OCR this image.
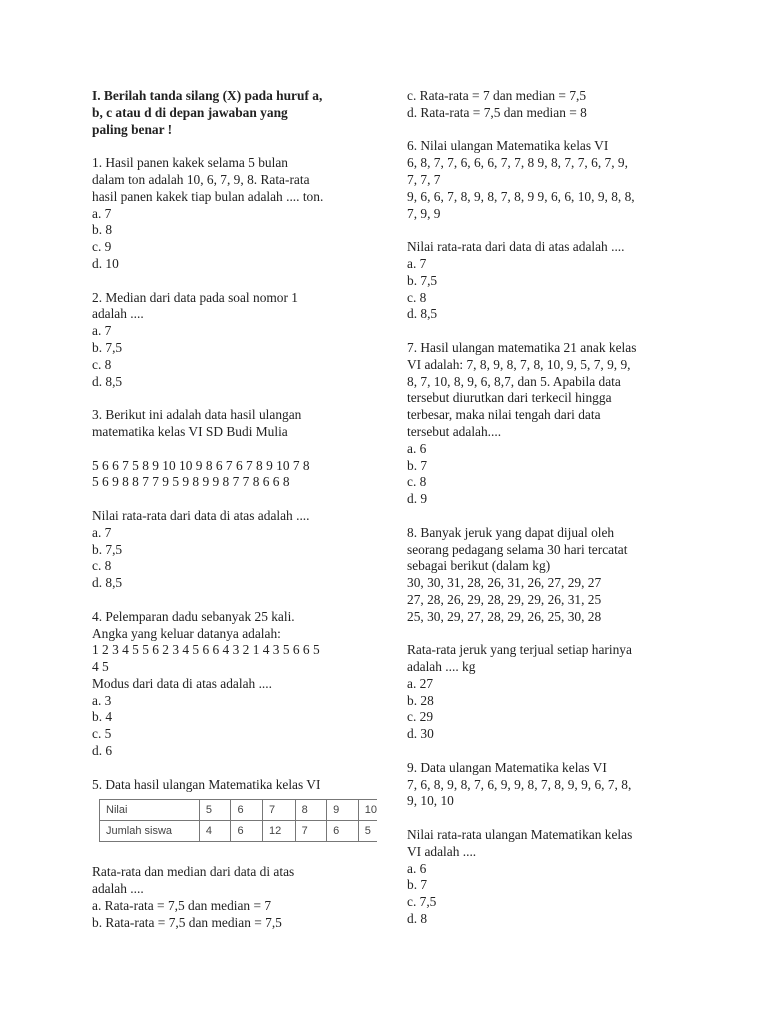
I. Berilah tanda silang (X) pada huruf a,
b, c atau d di depan jawaban yang
paling benar !
1. Hasil panen kakek selama 5 bulan
dalam ton adalah 10, 6, 7, 9, 8. Rata-rata
hasil panen kakek tiap bulan adalah .... ton.
a. 7
b. 8
c. 9
d. 10
2. Median dari data pada soal nomor 1
adalah ....
a. 7
b. 7,5
c. 8
d. 8,5
3. Berikut ini adalah data hasil ulangan
matematika kelas VI SD Budi Mulia
5 6 6 7 5 8 9 10 10 9 8 6 7 6 7 8 9 10 7 8
5 6 9 8 8 7 7 9 5 9 8 9 9 8 7 7 8 6 6 8
Nilai rata-rata dari data di atas adalah ....
a. 7
b. 7,5
c. 8
d. 8,5
4. Pelemparan dadu sebanyak 25 kali.
Angka yang keluar datanya adalah:
1 2 3 4 5 5 6 2 3 4 5 6 6 4 3 2 1 4 3 5 6 6 5
4 5
Modus dari data di atas adalah ....
a. 3
b. 4
c. 5
d. 6
5. Data hasil ulangan Matematika kelas VI
Nilai	5	6	7	8	9	10
Jumlah siswa	4	6	12	7	6	5
Rata-rata dan median dari data di atas
adalah ....
a. Rata-rata = 7,5 dan median = 7
b. Rata-rata = 7,5 dan median = 7,5
c. Rata-rata = 7 dan median = 7,5
d. Rata-rata = 7,5 dan median = 8
6. Nilai ulangan Matematika kelas VI
6, 8, 7, 7, 6, 6, 6, 7, 7, 8 9, 8, 7, 7, 6, 7, 9,
7, 7, 7
9, 6, 6, 7, 8, 9, 8, 7, 8, 9 9, 6, 6, 10, 9, 8, 8,
7, 9, 9
Nilai rata-rata dari data di atas adalah ....
a. 7
b. 7,5
c. 8
d. 8,5
7. Hasil ulangan matematika 21 anak kelas
VI adalah: 7, 8, 9, 8, 7, 8, 10, 9, 5, 7, 9, 9,
8, 7, 10, 8, 9, 6, 8,7, dan 5. Apabila data
tersebut diurutkan dari terkecil hingga
terbesar, maka nilai tengah dari data
tersebut adalah....
a. 6
b. 7
c. 8
d. 9
8. Banyak jeruk yang dapat dijual oleh
seorang pedagang selama 30 hari tercatat
sebagai berikut (dalam kg)
30, 30, 31, 28, 26, 31, 26, 27, 29, 27
27, 28, 26, 29, 28, 29, 29, 26, 31, 25
25, 30, 29, 27, 28, 29, 26, 25, 30, 28
Rata-rata jeruk yang terjual setiap harinya
adalah .... kg
a. 27
b. 28
c. 29
d. 30
9. Data ulangan Matematika kelas VI
7, 6, 8, 9, 8, 7, 6, 9, 9, 8, 7, 8, 9, 9, 6, 7, 8,
9, 10, 10
Nilai rata-rata ulangan Matematikan kelas
VI adalah ....
a. 6
b. 7
c. 7,5
d. 8
